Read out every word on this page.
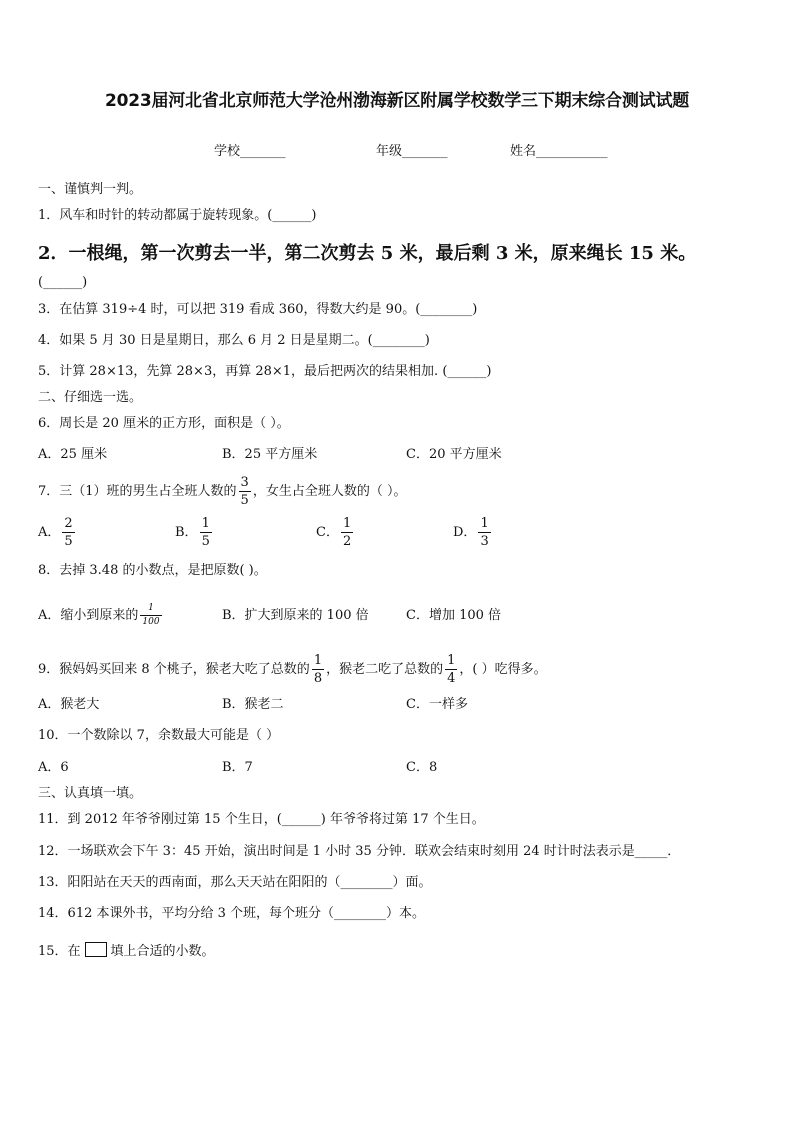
2023届河北省北京师范大学沧州渤海新区附属学校数学三下期末综合测试试题
学校_______	年级_______	姓名___________
一、谨慎判一判。
1．风车和时针的转动都属于旋转现象。(______)
2．一根绳，第一次剪去一半，第二次剪去 5 米，最后剩 3 米，原来绳长 15 米。
(______)
3．在估算 319÷4 时，可以把 319 看成 360，得数大约是 90。(________)
4．如果 5 月 30 日是星期日，那么 6 月 2 日是星期二。(________)
5．计算 28×13，先算 28×3，再算 28×1，最后把两次的结果相加. (______)
二、仔细选一选。
6．周长是 20 厘米的正方形，面积是（ ）。
A．25 厘米	B．25 平方厘米	C．20 平方厘米
7．三（1）班的男生占全班人数的 $\frac{3}{5}$ ，女生占全班人数的（ ）。
A． $\frac{2}{5}$	B． $\frac{1}{5}$	C． $\frac{1}{2}$	D． $\frac{1}{3}$
8．去掉 3.48 的小数点，是把原数( )。
A．缩小到原来的 $\frac{1}{100}$	B．扩大到原来的 100 倍	C．增加 100 倍
9．猴妈妈买回来 8 个桃子，猴老大吃了总数的 $\frac{1}{8}$ ，猴老二吃了总数的 $\frac{1}{4}$ ，( ）吃得多。
A．猴老大	B．猴老二	C．一样多
10．一个数除以 7，余数最大可能是（ ）
A．6	B．7	C．8
三、认真填一填。
11．到 2012 年爷爷刚过第 15 个生日，(______) 年爷爷将过第 17 个生日。
12．一场联欢会下午 3：45 开始，演出时间是 1 小时 35 分钟．联欢会结束时刻用 24 时计时法表示是_____．
13．阳阳站在天天的西南面，那么天天站在阳阳的（________）面。
14．612 本课外书，平均分给 3 个班，每个班分（________）本。
15．在 填上合适的小数。
